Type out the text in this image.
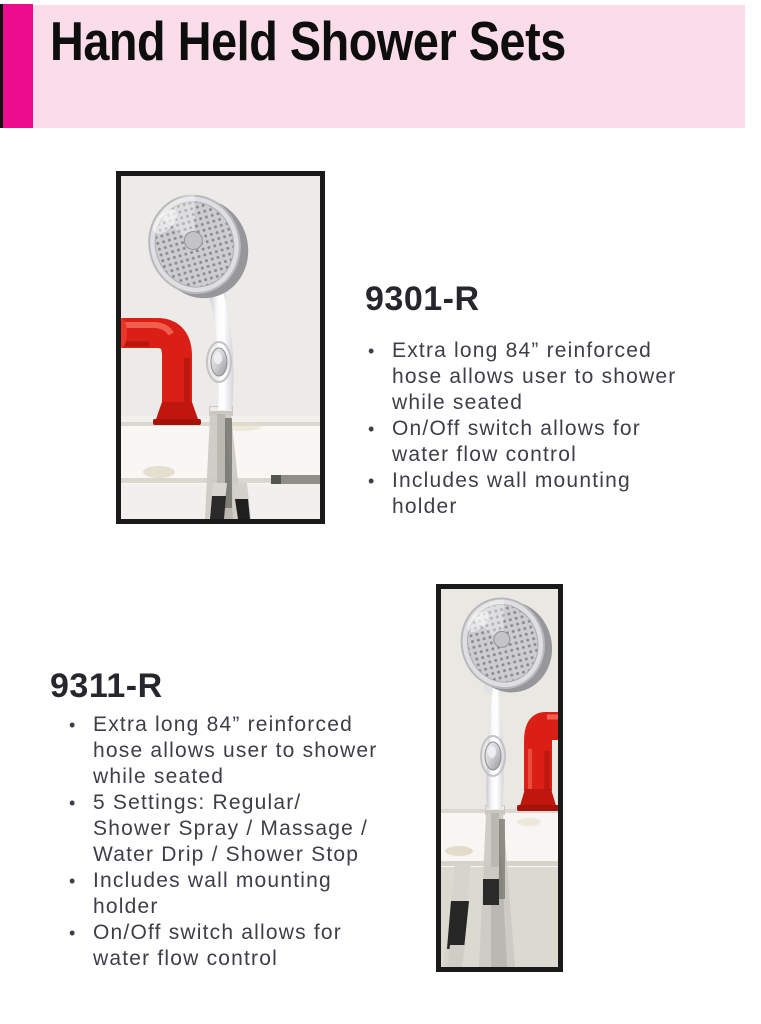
Hand Held Shower Sets
9301-R
• Extra long 84” reinforced
hose allows user to shower
while seated
• On/Off switch allows for
water flow control
• Includes wall mounting
holder
9311-R
• Extra long 84” reinforced
hose allows user to shower
while seated
• 5 Settings: Regular/
Shower Spray / Massage /
Water Drip / Shower Stop
• Includes wall mounting
holder
• On/Off switch allows for
water flow control
